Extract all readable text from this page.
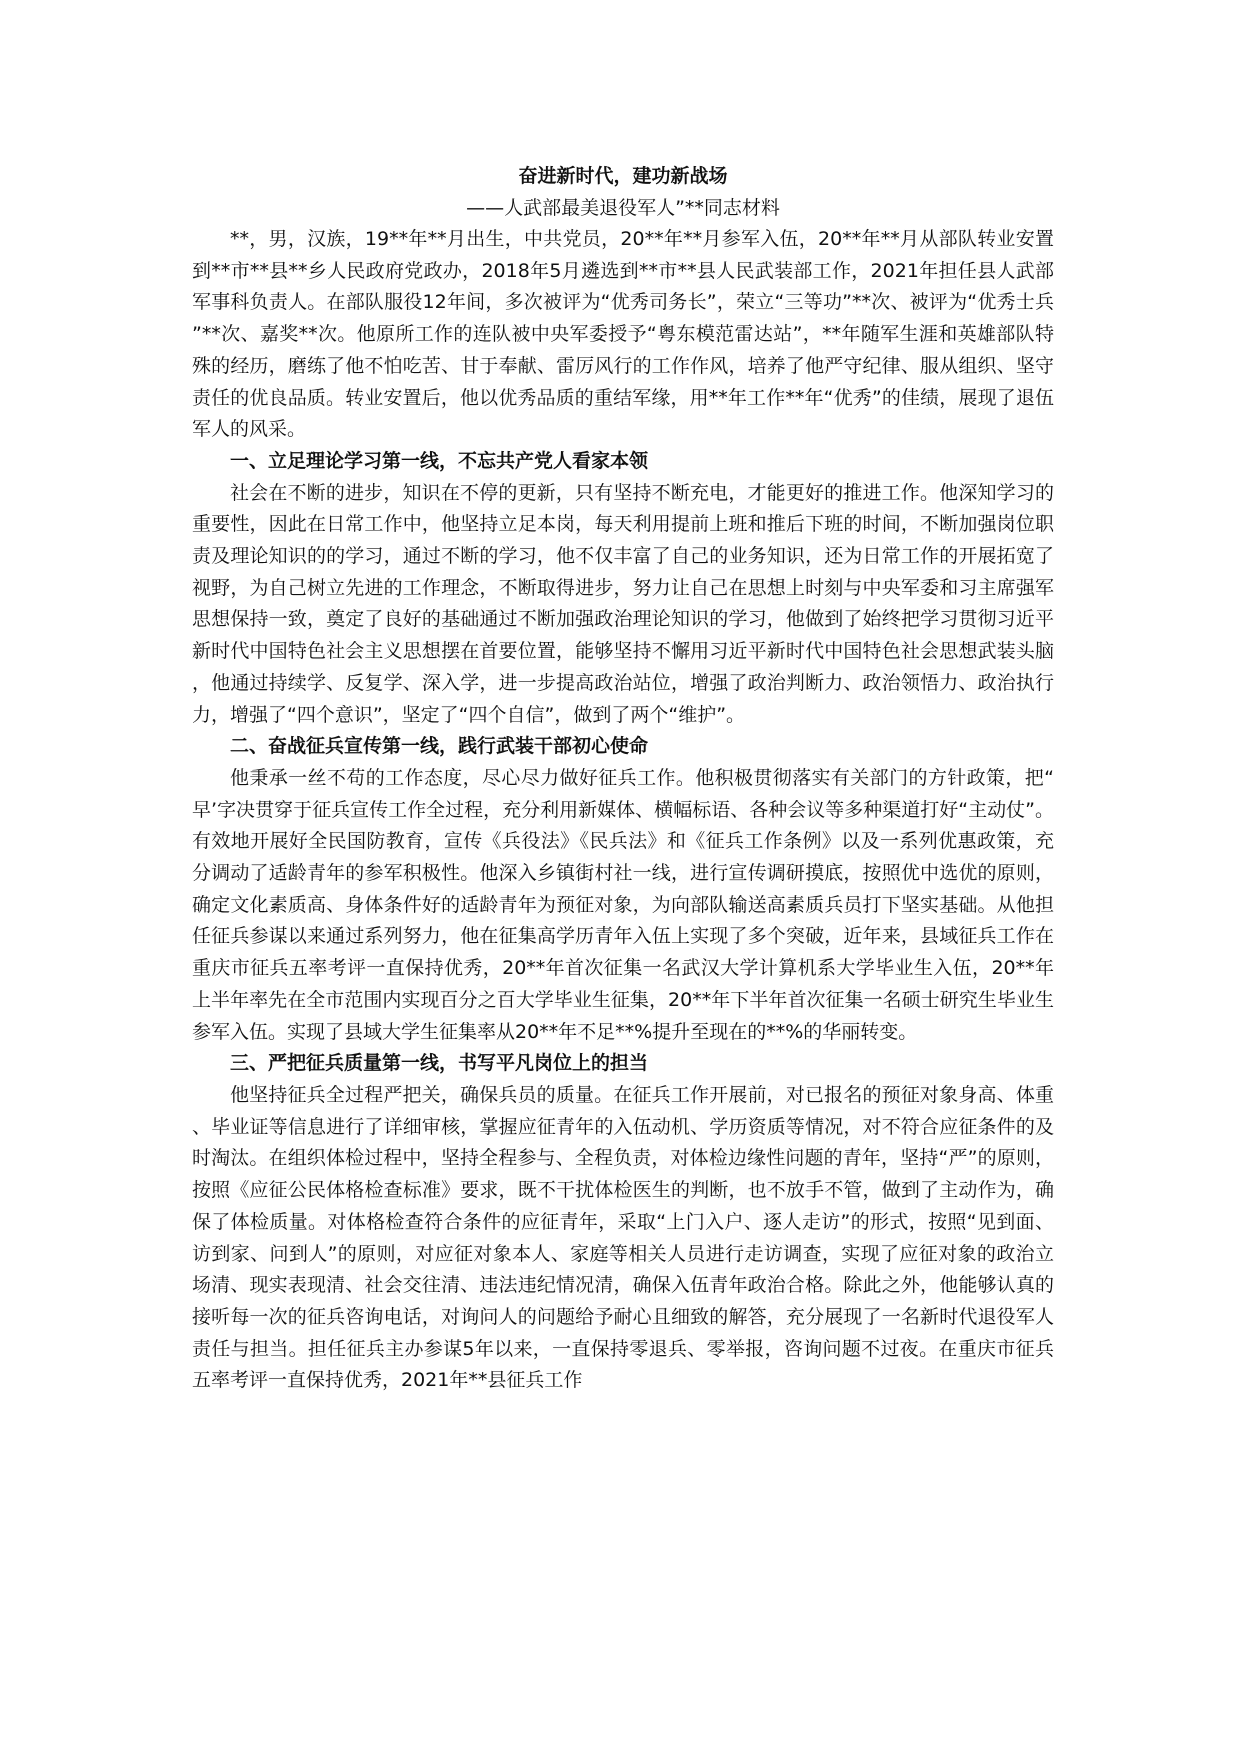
奋进新时代，建功新战场

——人武部最美退役军人”**同志材料

**，男，汉族，19**年**月出生，中共党员，20**年**月参军入伍，20**年**月从部队转业安置到**市**县**乡人民政府党政办，2018年5月遴选到**市**县人民武装部工作，2021年担任县人武部军事科负责人。在部队服役12年间，多次被评为“优秀司务长”，荣立“三等功”**次、被评为“优秀士兵”**次、嘉奖**次。他原所工作的连队被中央军委授予“粤东模范雷达站”，**年随军生涯和英雄部队特殊的经历，磨练了他不怕吃苦、甘于奉献、雷厉风行的工作作风，培养了他严守纪律、服从组织、坚守责任的优良品质。转业安置后，他以优秀品质的重结军缘，用**年工作**年“优秀”的佳绩，展现了退伍军人的风采。

一、立足理论学习第一线，不忘共产党人看家本领

社会在不断的进步，知识在不停的更新，只有坚持不断充电，才能更好的推进工作。他深知学习的重要性，因此在日常工作中，他坚持立足本岗，每天利用提前上班和推后下班的时间，不断加强岗位职责及理论知识的的学习，通过不断的学习，他不仅丰富了自己的业务知识，还为日常工作的开展拓宽了视野，为自己树立先进的工作理念，不断取得进步，努力让自己在思想上时刻与中央军委和习主席强军思想保持一致，奠定了良好的基础通过不断加强政治理论知识的学习，他做到了始终把学习贯彻习近平新时代中国特色社会主义思想摆在首要位置，能够坚持不懈用习近平新时代中国特色社会思想武装头脑，他通过持续学、反复学、深入学，进一步提高政治站位，增强了政治判断力、政治领悟力、政治执行力，增强了“四个意识”，坚定了“四个自信”，做到了两个“维护”。

二、奋战征兵宣传第一线，践行武装干部初心使命

他秉承一丝不苟的工作态度，尽心尽力做好征兵工作。他积极贯彻落实有关部门的方针政策，把“早’字决贯穿于征兵宣传工作全过程，充分利用新媒体、横幅标语、各种会议等多种渠道打好“主动仗”。有效地开展好全民国防教育，宣传《兵役法》《民兵法》和《征兵工作条例》以及一系列优惠政策，充分调动了适龄青年的参军积极性。他深入乡镇街村社一线，进行宣传调研摸底，按照优中选优的原则，确定文化素质高、身体条件好的适龄青年为预征对象，为向部队输送高素质兵员打下坚实基础。从他担任征兵参谋以来通过系列努力，他在征集高学历青年入伍上实现了多个突破，近年来，县域征兵工作在重庆市征兵五率考评一直保持优秀，20**年首次征集一名武汉大学计算机系大学毕业生入伍，20**年上半年率先在全市范围内实现百分之百大学毕业生征集，20**年下半年首次征集一名硕士研究生毕业生参军入伍。实现了县域大学生征集率从20**年不足**%提升至现在的**%的华丽转变。

三、严把征兵质量第一线，书写平凡岗位上的担当

他坚持征兵全过程严把关，确保兵员的质量。在征兵工作开展前，对已报名的预征对象身高、体重、毕业证等信息进行了详细审核，掌握应征青年的入伍动机、学历资质等情况，对不符合应征条件的及时淘汰。在组织体检过程中，坚持全程参与、全程负责，对体检边缘性问题的青年，坚持“严”的原则，按照《应征公民体格检查标准》要求，既不干扰体检医生的判断，也不放手不管，做到了主动作为，确保了体检质量。对体格检查符合条件的应征青年，采取“上门入户、逐人走访”的形式，按照“见到面、访到家、问到人”的原则，对应征对象本人、家庭等相关人员进行走访调查，实现了应征对象的政治立场清、现实表现清、社会交往清、违法违纪情况清，确保入伍青年政治合格。除此之外，他能够认真的接听每一次的征兵咨询电话，对询问人的问题给予耐心且细致的解答，充分展现了一名新时代退役军人责任与担当。担任征兵主办参谋5年以来，一直保持零退兵、零举报，咨询问题不过夜。在重庆市征兵五率考评一直保持优秀，2021年**县征兵工作
